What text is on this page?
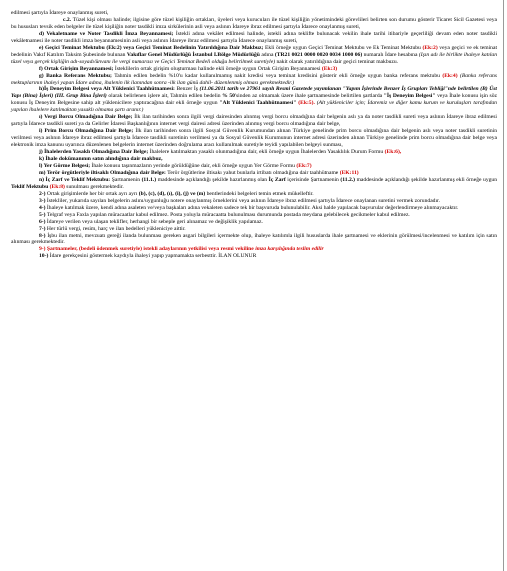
edilmesi şartıyla İdareye onaylanmış sureti,

c.2. Tüzel kişi olması halinde; ilgisine göre tüzel kişiliğin ortakları, üyeleri veya kurucuları ile tüzel kişiliğin yönetimindeki görevlileri belirten son durumu gösterir Ticaret Sicil Gazetesi veya bu hususları tevsik eden belgeler ile tüzel kişiliğin noter tasdikli imza sirkülerinin asli veya aslının İdareye ibraz edilmesi şartıyla İdarece onaylanmış sureti,

d) Vekaletname ve Noter Tasdikli İmza Beyannamesi; İstekli adına vekâlet edilmesi halinde, istekli adına teklifte bulunacak vekilin ihale tarihi itibariyle geçerliliği devam eden noter tasdikli vekâletnamesi ile noter tasdikli imza beyannamesinin asli veya aslının İdareye ibraz edilmesi şartıyla İdarece onaylanmış sureti,

e) Geçici Teminat Mektubu (Ek:2) veya Geçici Teminat Bedelinin Yatırıldığına Dair Makbuz; Ekli örneğe uygun Geçici Teminat Mektubu ve Ek Teminat Mektubu (Ek:2) veya geçici ve ek teminat bedelinin Vakıf Katılım Taksim Şubesinde bulunan Vakıflar Genel Müdürlüğü İstanbul I.Bölge Müdürlüğü adına (TR21 0021 0000 0020 0034 1000 06) numaralı İdare hesabına (Işın adı ile birlikte ihaleye katılan tüzel veya gerçek kişiliğin adı-soyadı/ünvanı ile vergi numarası ve Geçici Teminat Bedeli olduğu belirtilmek suretiyle) nakit olarak yatırıldığına dair geçici teminat makbuzu.

f) Ortak Girişim Beyannamesi; İsteklilerin ortak girişim oluşturması halinde ekli örneğe uygun Ortak Girişim Beyannamesi (Ek:3)

g) Banka Referans Mektubu; Tahmin edilen bedelin %10'u kadar kullanılmamış nakit kredisi veya teminat kredisini gösterir ekli örneğe uygun banka referans mektubu (Ek:4) (Banka referans mektuplarının ihaleyi yapan İdare adına, ihalenin ilk ilanından sonra -ilk ilan günü dahil- düzenlenmiş olması gerekmektedir.)

h)İş Deneyim Belgesi veya Alt Yüklenici Taahhütnamesi: Benzer İş (11.06.2011 tarih ve 27961 sayılı Resmi Gazetede yayımlanan "Yapım İşlerinde Benzer İş Grupları Tebliği"nde belirtilen (B) Üst Yapı (Bina) İşleri) (III. Grup Bina İşleri) olarak belirlenen işlere ait, Tahmin edilen bedelin % 50'sinden az olmamak üzere ihale şartnamesinde belirtilen şartlarda "İş Deneyim Belgesi" veya İhale konusu işin söz konusu İş Deneyim Belgesine sahip alt yüklenicilere yaptıracağına dair ekli örneğe uygun "Alt Yüklenici Taahhütnamesi" (Ek:5). (Alt yükleniciler için; İdaremiz ve diğer kamu kurum ve kuruluşları tarafından yapılan ihalelere katılmaktan yasaklı olmama şartı aranır.)

ı) Vergi Borcu Olmadığına Dair Belge; İlk ilan tarihinden sonra ilgili vergi dairesinden alınmış vergi borcu olmadığına dair belgenin aslı ya da noter tasdikli sureti veya aslının İdareye ibraz edilmesi şartıyla İdarece tasdikli sureti ya da Gelirler İdaresi Başkanlığının internet vergi dairesi adresi üzerinden alınmış vergi borcu olmadığına dair belge,

i) Prim Borcu Olmadığına Dair Belge; İlk ilan tarihinden sonra ilgili Sosyal Güvenlik Kurumundan alınan Türkiye genelinde prim borcu olmadığına dair belgenin aslı veya noter tasdikli suretinin verilmesi veya aslının İdareye ibraz edilmesi şartıyla İdarece tasdikli suretinin verilmesi ya da Sosyal Güvenlik Kurumunun internet adresi üzerinden alınan Türkiye genelinde prim borcu olmadığına dair belge veya elektronik imza kanunu uyarınca düzenlenen belgelerin internet üzerinden doğrulama aracı kullanılmak suretiyle teyidi yapılabilen belgeyi sunması,

j) İhalelerden Yasaklı Olmadığına Dair Belge; İhalelere katılmaktan yasaklı olunmadığına dair, ekli örneğe uygun İhalelerden Yasaklılık Durum Formu (Ek:6),

k) İhale dokümanının satın alındığına dair makbuz,

l) Yer Görme Belgesi; İhale konusu taşınmazların yerinde görüldüğüne dair, ekli örneğe uygun Yer Görme Formu (Ek:7)

m) Terör örgütleriyle iltisaklı Olmadığına dair Belge: Terör örgütlerine iltisakı yahut bunlarla irtibatı olmadığına dair taahhütname (EK:11)

n) İç Zarf ve Teklif Mektubu: Şartnamenin (11.1.) maddesinde açıklandığı şekilde hazırlanmış olan İç Zarf içerisinde Şartnamenin (11.2.) maddesinde açıklandığı şekilde hazırlanmış ekli örneğe uygun Teklif Mektubu (Ek:8) sunulması gerekmektedir.

2-) Ortak girişimlerde her bir ortak ayrı ayrı (b), (c), (d), (ı), (i), (j) ve (m) bentlerindeki belgeleri temin etmek mükelleftir.

3-) İstekliler, yukarıda sayılan belgelerin aslını/uygunluğu notere onaylanmış örneklerini veya aslının İdareye ibraz edilmesi şartıyla İdarece onaylanan suretini vermek zorundadır.

4-) İhaleye katılmak üzere, kendi adına asaleten ve/veya başkaları adına vekaleten sadece tek bir başvuruda bulunulabilir. Aksi halde yapılacak başvurular değerlendirmeye alınmayacaktır.

5-) Telgraf veya Faxla yapılan müracaatlar kabul edilmez. Posta yoluyla müracaatta bulunulması durumunda postada meydana gelebilecek gecikmeler kabul edilmez.

6-) İdareye verilen veya ulaşan teklifler, herhangi bir sebeple geri alınamaz ve değişiklik yapılamaz.

7-) Her türlü vergi, resim, harç ve ilan bedelleri yükleniciye aittir.

8-) İşbu ilan metni, mevzuatı gereği ilanda bulunması gereken asgari bilgileri içermekte olup, ihaleye katılımla ilgili hususlarda ihale şartnamesi ve eklerinin görülmesi/incelenmesi ve katılım için satın alınması gerekmektedir.

9-) Şartnameler, (bedeli ödenmek suretiyle) istekli adaylarının yetkilisi veya resmi vekiline imza karşılığında teslim edilir

10-) İdare gerekçesini göstermek kaydıyla ihaleyi yapıp yapmamakta serbesttir. İLAN OLUNUR
